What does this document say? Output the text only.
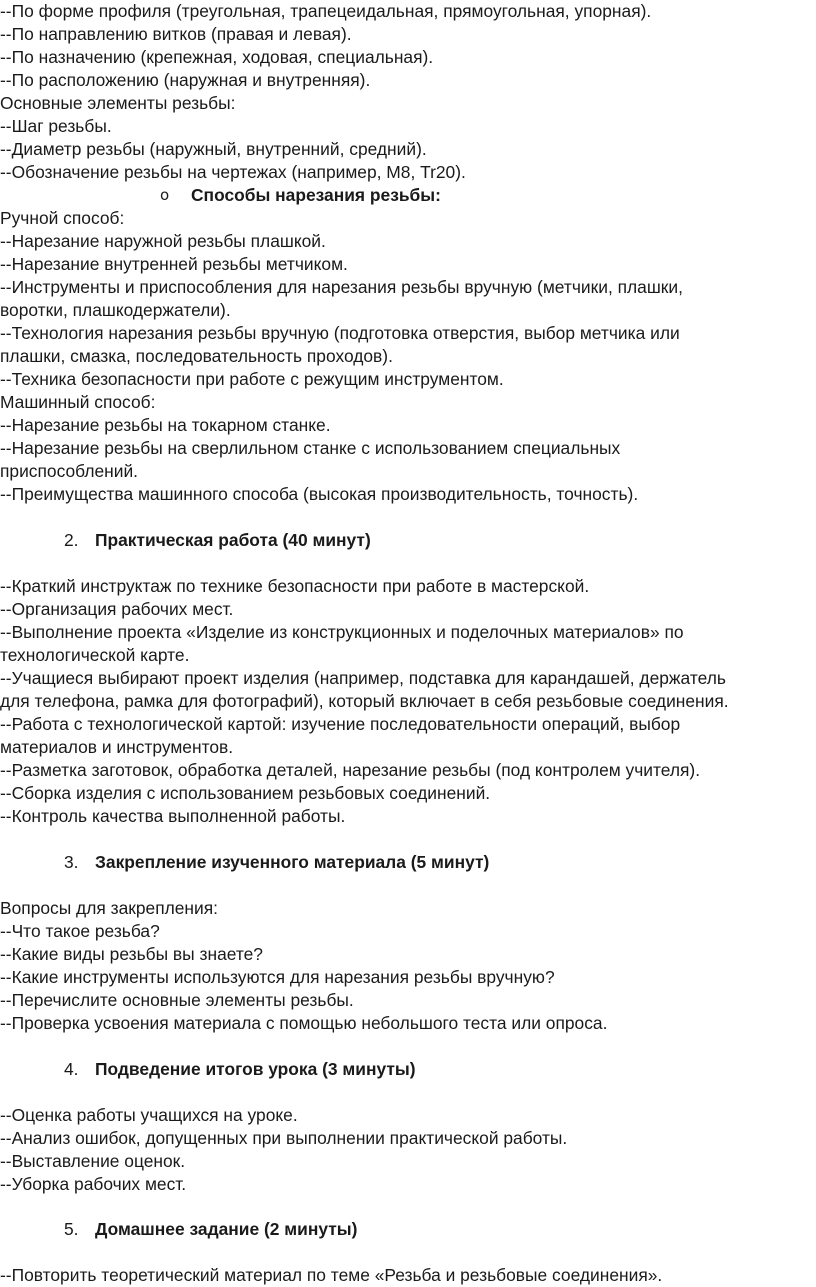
--По форме профиля (треугольная, трапецеидальная, прямоугольная, упорная).
--По направлению витков (правая и левая).
--По назначению (крепежная, ходовая, специальная).
--По расположению (наружная и внутренняя).
Основные элементы резьбы:
--Шаг резьбы.
--Диаметр резьбы (наружный, внутренний, средний).
--Обозначение резьбы на чертежах (например, М8, Tr20).
o Способы нарезания резьбы:
Ручной способ:
--Нарезание наружной резьбы плашкой.
--Нарезание внутренней резьбы метчиком.
--Инструменты и приспособления для нарезания резьбы вручную (метчики, плашки,
воротки, плашкодержатели).
--Технология нарезания резьбы вручную (подготовка отверстия, выбор метчика или
плашки, смазка, последовательность проходов).
--Техника безопасности при работе с режущим инструментом.
Машинный способ:
--Нарезание резьбы на токарном станке.
--Нарезание резьбы на сверлильном станке с использованием специальных
приспособлений.
--Преимущества машинного способа (высокая производительность, точность).
2. Практическая работа (40 минут)
--Краткий инструктаж по технике безопасности при работе в мастерской.
--Организация рабочих мест.
--Выполнение проекта «Изделие из конструкционных и поделочных материалов» по
технологической карте.
--Учащиеся выбирают проект изделия (например, подставка для карандашей, держатель
для телефона, рамка для фотографий), который включает в себя резьбовые соединения.
--Работа с технологической картой: изучение последовательности операций, выбор
материалов и инструментов.
--Разметка заготовок, обработка деталей, нарезание резьбы (под контролем учителя).
--Сборка изделия с использованием резьбовых соединений.
--Контроль качества выполненной работы.
3. Закрепление изученного материала (5 минут)
Вопросы для закрепления:
--Что такое резьба?
--Какие виды резьбы вы знаете?
--Какие инструменты используются для нарезания резьбы вручную?
--Перечислите основные элементы резьбы.
--Проверка усвоения материала с помощью небольшого теста или опроса.
4. Подведение итогов урока (3 минуты)
--Оценка работы учащихся на уроке.
--Анализ ошибок, допущенных при выполнении практической работы.
--Выставление оценок.
--Уборка рабочих мест.
5. Домашнее задание (2 минуты)
--Повторить теоретический материал по теме «Резьба и резьбовые соединения».
